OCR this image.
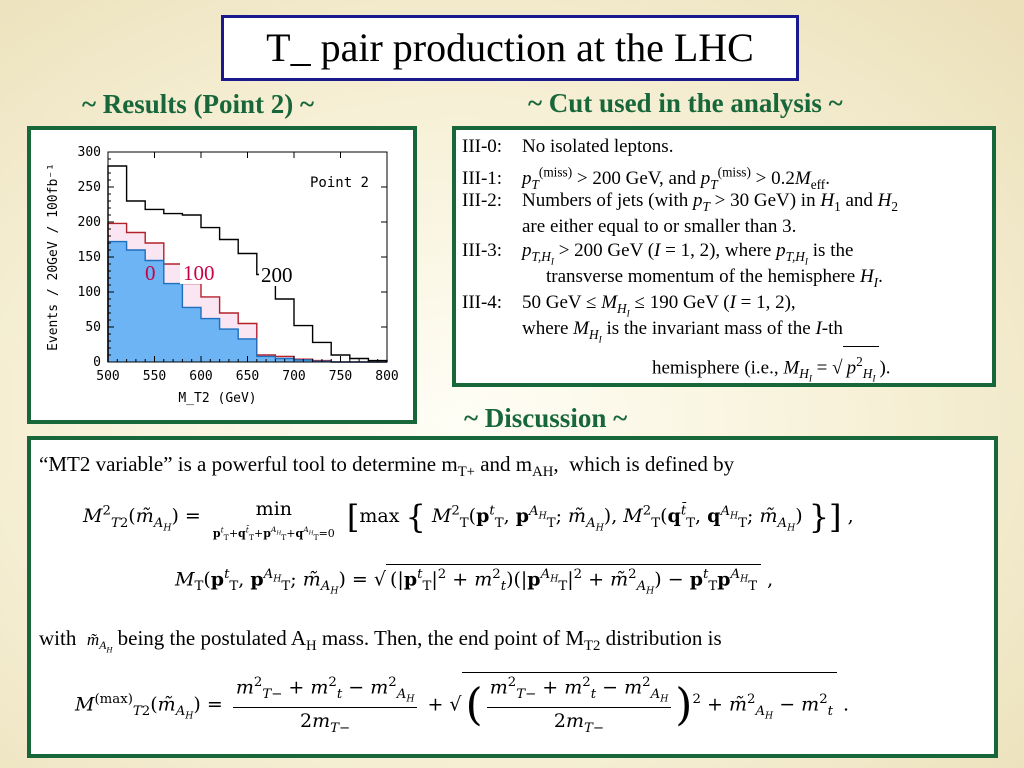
T_ pair production at the LHC
~ Results (Point 2) ~	~ Cut used in the analysis ~
~ Discussion ~
500 550 600 650 700 750 800
0
50
100
150
200
250
300
Point 2
M_T2 (GeV)
Events / 20GeV / 100fb⁻¹	0 100 200
III-0: No isolated leptons.
III-1: $p_T^{(miss)} > 200$ GeV, and $p_T^{(miss)} > 0.2M_{eff}$.
III-2: Numbers of jets (with $p_T > 30$ GeV) in $H_1$ and $H_2$
are either equal to or smaller than 3.
III-3: $p_{T,H_I} > 200$ GeV (I = 1, 2), where $p_{T,H_I}$ is the
transverse momentum of the hemisphere $H_I$.
III-4: 50 GeV ≤ $M_{H_I} \le 190$ GeV (I = 1, 2),
where $M_{H_I}$ is the invariant mass of the I-th
hemisphere (i.e., $M_{H_I}$ = √ $p^2_{H_I}$).
“MT2 variable” is a powerful tool to determine $m_{T+}$ and $m_{AH}$,  which is defined by
$M^2_{T2}(m̃_{A_H})$ =	min
$p^t_T+q^{t̄}_T+p^{A_H}_T+q^{A_H}_T=0$ [max { $M^2_T(p^t_T$, $p^{A_H}_T$; $m̃_{A_H}$), $M^2_T(q^{t̄}_T$, $q^{A_H}_T$; $m̃_{A_H}$) }] ,
$M_T(p^t_T$, $p^{A_H}_T$; $m̃_{A_H}$) = √ $(|p^t_T|^2 + m^2_t)(|p^{A_H}_T|^2$ + m̃$^2_{A_H}$) − $p^t_Tp^{A_H}_T$ ,
with  $m̃_{A_H}$ being the postulated $A_H$ mass. Then, the end point of $M_{T2}$ distribution is
$M^{(max)}_{T2}(m̃_{A_H}) = \frac{m^2_{T-} + m^2_t - m^2_{A_H}}{2m_{T-}}$ + √( $\frac{m^2_{T-} + m^2_t - m^2_{A_H}}{2m_{T-}} )^2$ + m̃$^2_{A_H}$ − $m^2_t$ .
